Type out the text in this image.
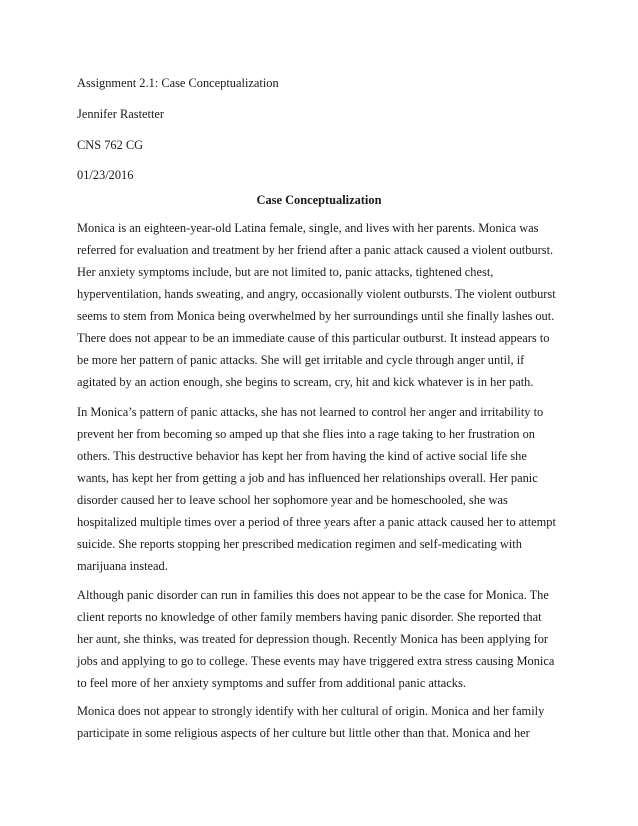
Assignment 2.1: Case Conceptualization

Jennifer Rastetter

CNS 762 CG

01/23/2016

Case Conceptualization

Monica is an eighteen-year-old Latina female, single, and lives with her parents. Monica was
referred for evaluation and treatment by her friend after a panic attack caused a violent outburst.
Her anxiety symptoms include, but are not limited to, panic attacks, tightened chest,
hyperventilation, hands sweating, and angry, occasionally violent outbursts. The violent outburst
seems to stem from Monica being overwhelmed by her surroundings until she finally lashes out.
There does not appear to be an immediate cause of this particular outburst. It instead appears to
be more her pattern of panic attacks. She will get irritable and cycle through anger until, if
agitated by an action enough, she begins to scream, cry, hit and kick whatever is in her path.
In Monica’s pattern of panic attacks, she has not learned to control her anger and irritability to
prevent her from becoming so amped up that she flies into a rage taking to her frustration on
others. This destructive behavior has kept her from having the kind of active social life she
wants, has kept her from getting a job and has influenced her relationships overall. Her panic
disorder caused her to leave school her sophomore year and be homeschooled, she was
hospitalized multiple times over a period of three years after a panic attack caused her to attempt
suicide. She reports stopping her prescribed medication regimen and self-medicating with
marijuana instead.
Although panic disorder can run in families this does not appear to be the case for Monica. The
client reports no knowledge of other family members having panic disorder. She reported that
her aunt, she thinks, was treated for depression though. Recently Monica has been applying for
jobs and applying to go to college. These events may have triggered extra stress causing Monica
to feel more of her anxiety symptoms and suffer from additional panic attacks.
Monica does not appear to strongly identify with her cultural of origin. Monica and her family
participate in some religious aspects of her culture but little other than that. Monica and her
